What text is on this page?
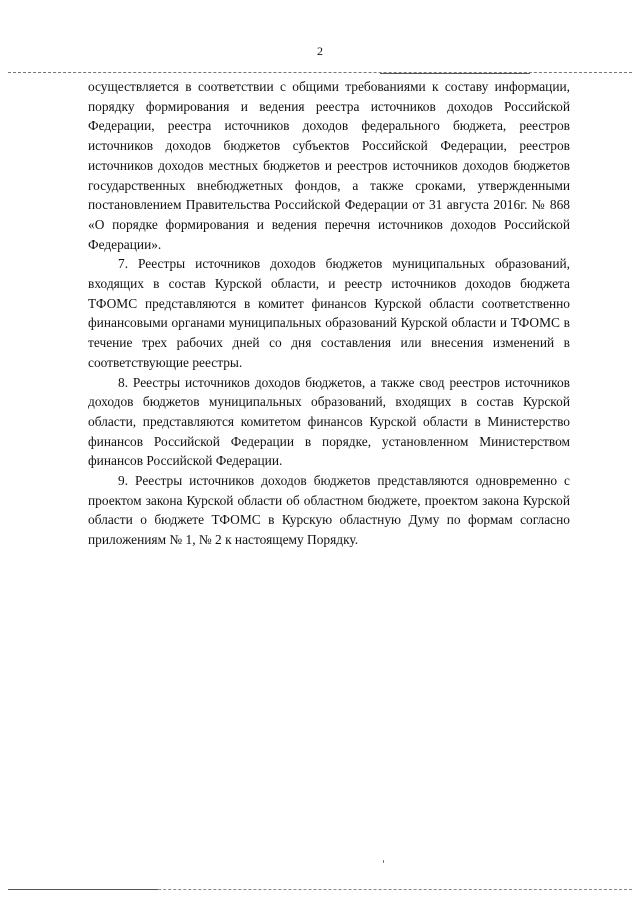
2

осуществляется в соответствии с общими требованиями к составу информации, порядку формирования и ведения реестра источников доходов Российской Федерации, реестра источников доходов федерального бюджета, реестров источников доходов бюджетов субъектов Российской Федерации, реестров источников доходов местных бюджетов и реестров источников доходов бюджетов государственных внебюджетных фондов, а также сроками, утвержденными постановлением Правительства Российской Федерации от 31 августа 2016г. № 868 «О порядке формирования и ведения перечня источников доходов Российской Федерации».

7. Реестры источников доходов бюджетов муниципальных образований, входящих в состав Курской области, и реестр источников доходов бюджета ТФОМС представляются в комитет финансов Курской области соответственно финансовыми органами муниципальных образований Курской области и ТФОМС в течение трех рабочих дней со дня составления или внесения изменений в соответствующие реестры.

8. Реестры источников доходов бюджетов, а также свод реестров источников доходов бюджетов муниципальных образований, входящих в состав Курской области, представляются комитетом финансов Курской области в Министерство финансов Российской Федерации в порядке, установленном Министерством финансов Российской Федерации.

9. Реестры источников доходов бюджетов представляются одновременно с проектом закона Курской области об областном бюджете, проектом закона Курской области о бюджете ТФОМС в Курскую областную Думу по формам согласно приложениям № 1, № 2 к настоящему Порядку.
